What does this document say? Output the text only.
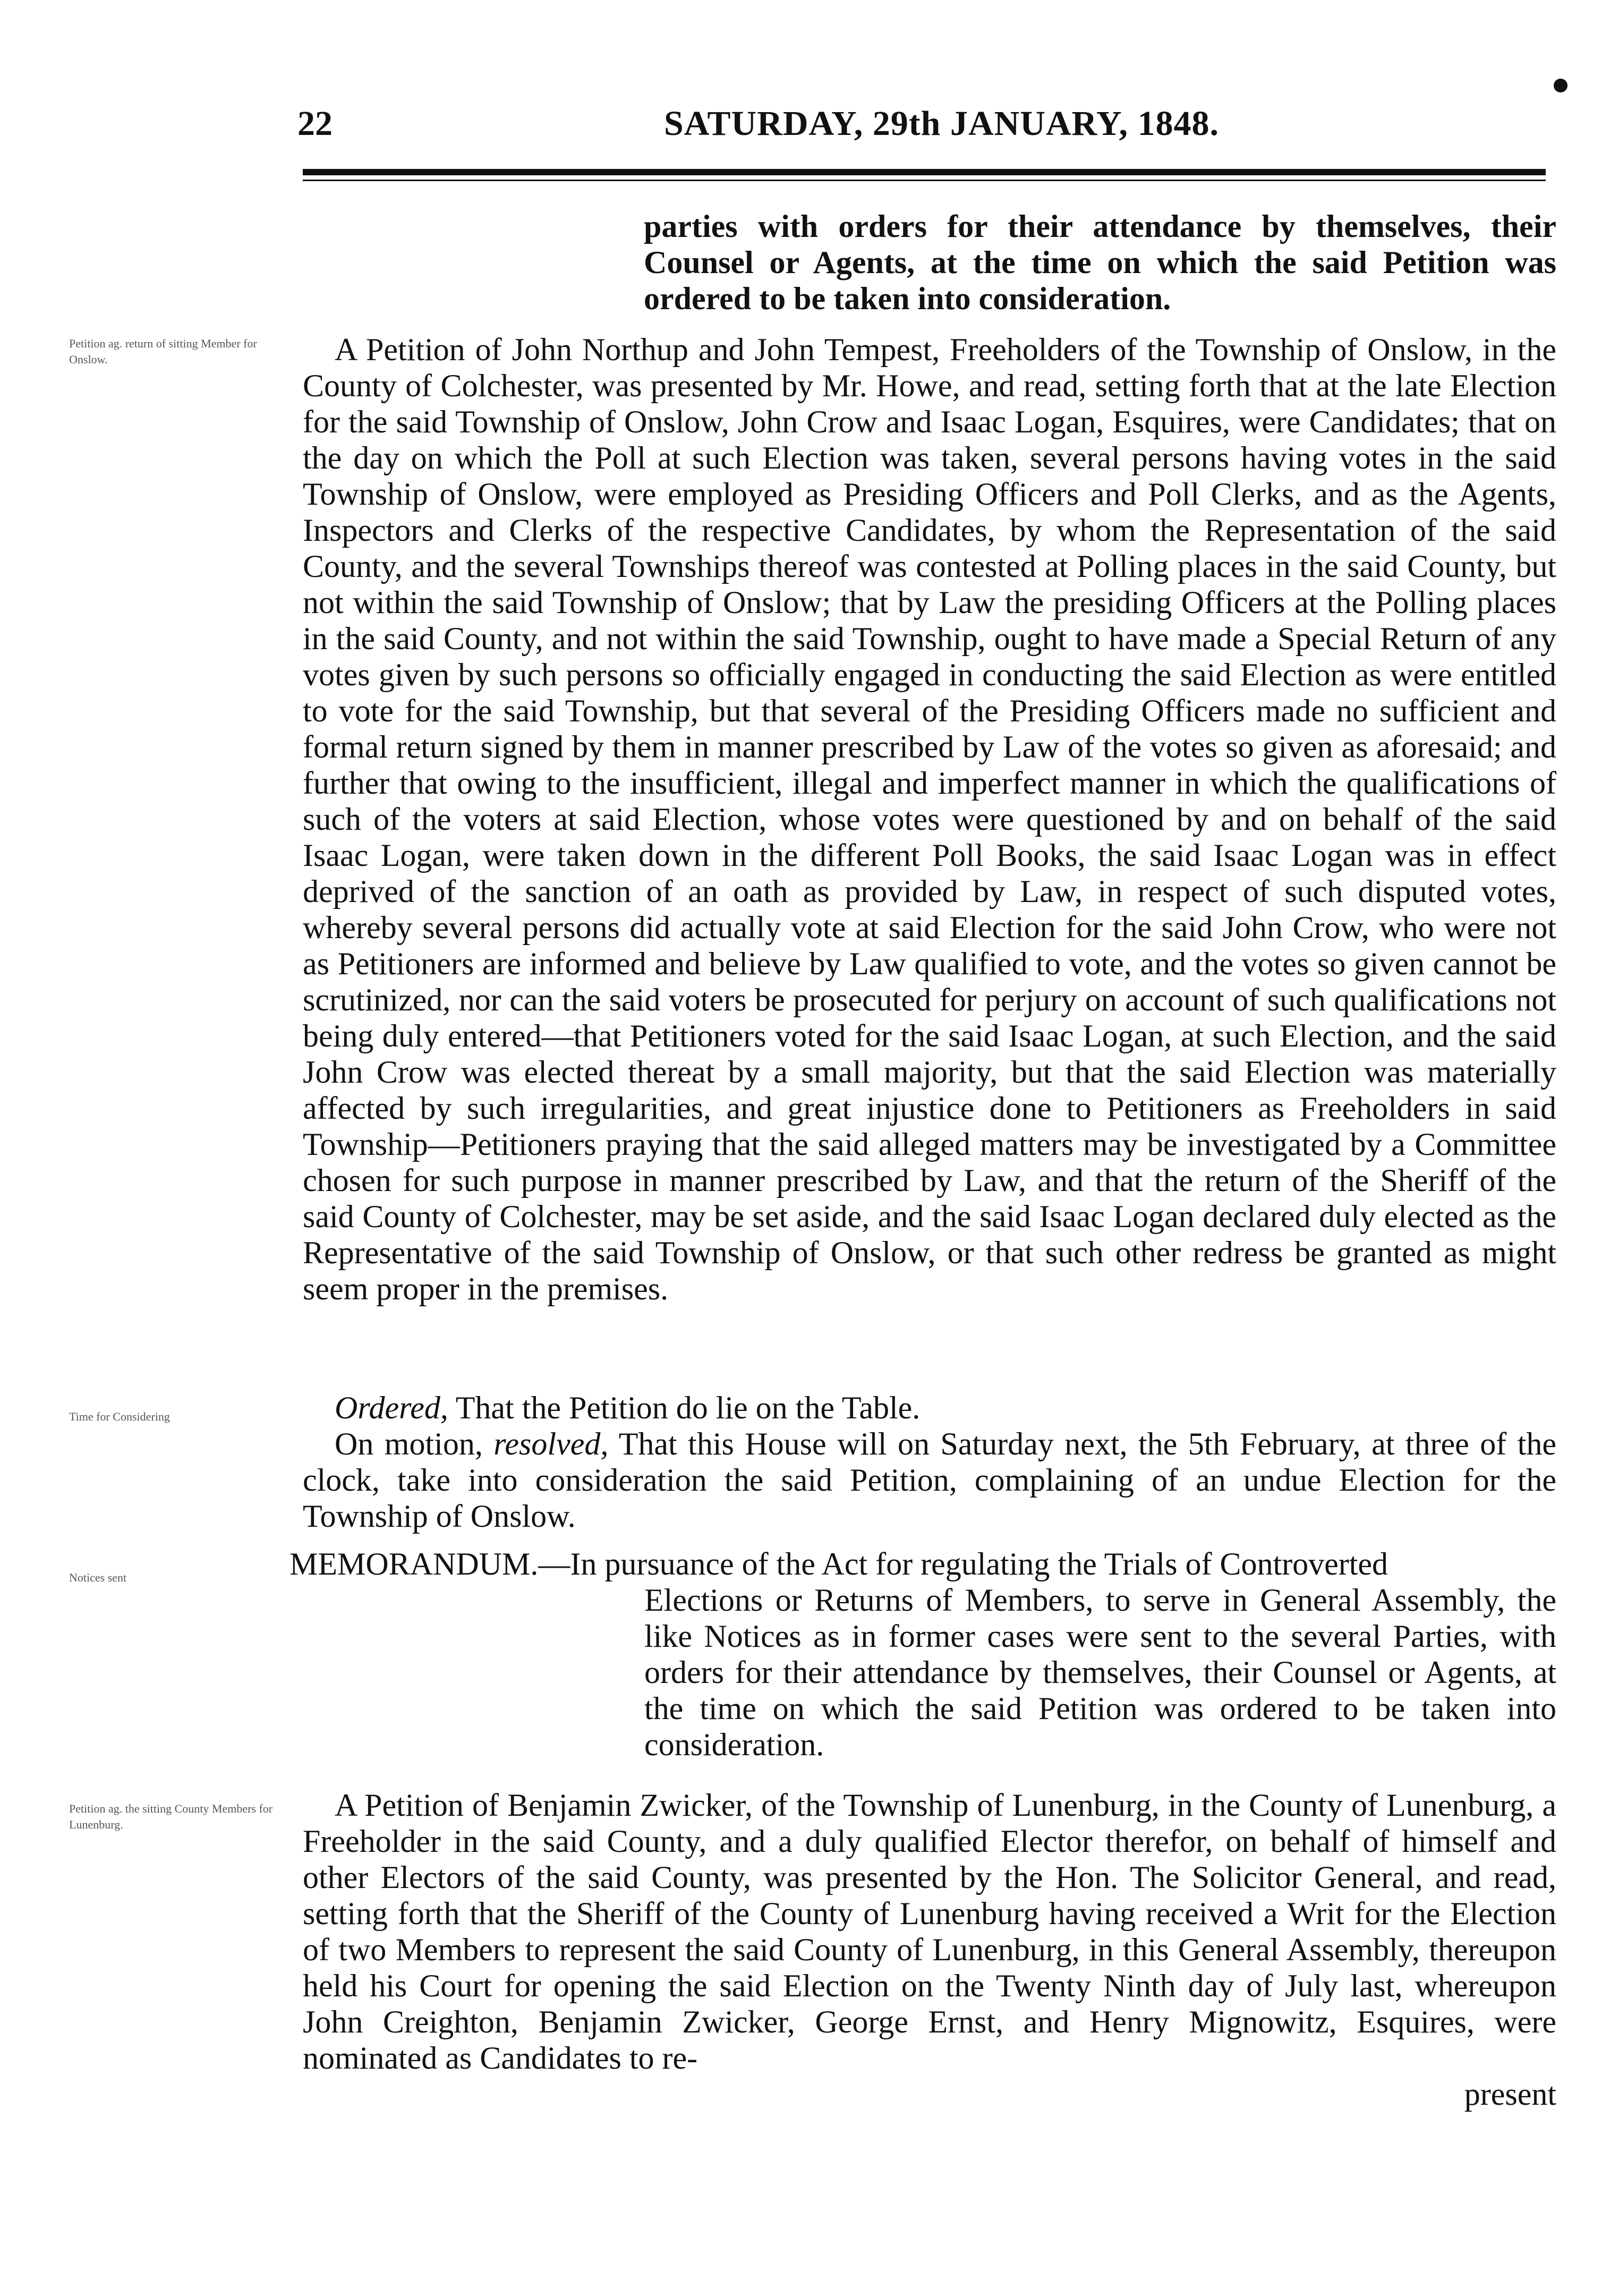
22	SATURDAY, 29th JANUARY, 1848.

parties with orders for their attendance by themselves, their Counsel or Agents, at the time on which the said Petition was ordered to be taken into consideration.

Petition ag. return of sitting Member for Onslow.	A Petition of John Northup and John Tempest, Freeholders of the Township of Onslow, in the County of Colchester, was presented by Mr. Howe, and read, setting forth that at the late Election for the said Township of Onslow, John Crow and Isaac Logan, Esquires, were Candidates; that on the day on which the Poll at such Election was taken, several persons having votes in the said Township of Onslow, were employed as Presiding Officers and Poll Clerks, and as the Agents, Inspectors and Clerks of the respective Candidates, by whom the Representation of the said County, and the several Townships thereof was contested at Polling places in the said County, but not within the said Township of Onslow; that by Law the presiding Officers at the Polling places in the said County, and not within the said Township, ought to have made a Special Return of any votes given by such persons so officially engaged in conducting the said Election as were entitled to vote for the said Township, but that several of the Presiding Officers made no sufficient and formal return signed by them in manner prescribed by Law of the votes so given as aforesaid; and further that owing to the insufficient, illegal and imperfect manner in which the qualifications of such of the voters at said Election, whose votes were questioned by and on behalf of the said Isaac Logan, were taken down in the different Poll Books, the said Isaac Logan was in effect deprived of the sanction of an oath as provided by Law, in respect of such disputed votes, whereby several persons did actually vote at said Election for the said John Crow, who were not as Petitioners are informed and believe by Law qualified to vote, and the votes so given cannot be scrutinized, nor can the said voters be prosecuted for perjury on account of such qualifications not being duly entered—that Petitioners voted for the said Isaac Logan, at such Election, and the said John Crow was elected thereat by a small majority, but that the said Election was materially affected by such irregularities, and great injustice done to Petitioners as Freeholders in said Township—Petitioners praying that the said alleged matters may be investigated by a Committee chosen for such purpose in manner prescribed by Law, and that the return of the Sheriff of the said County of Colchester, may be set aside, and the said Isaac Logan declared duly elected as the Representative of the said Township of Onslow, or that such other redress be granted as might seem proper in the premises.

Ordered, That the Petition do lie on the Table.

Time for Considering

On motion, resolved, That this House will on Saturday next, the 5th February, at three of the clock, take into consideration the said Petition, complaining of an undue Election for the Township of Onslow.

Notices sent	MEMORANDUM.—In pursuance of the Act for regulating the Trials of Controverted

Elections or Returns of Members, to serve in General Assembly, the like Notices as in former cases were sent to the several Parties, with orders for their attendance by themselves, their Counsel or Agents, at the time on which the said Petition was ordered to be taken into consideration.

Petition ag. the sitting County Members for Lunenburg.

A Petition of Benjamin Zwicker, of the Township of Lunenburg, in the County of Lunenburg, a Freeholder in the said County, and a duly qualified Elector therefor, on behalf of himself and other Electors of the said County, was presented by the Hon. The Solicitor General, and read, setting forth that the Sheriff of the County of Lunenburg having received a Writ for the Election of two Members to represent the said County of Lunenburg, in this General Assembly, thereupon held his Court for opening the said Election on the Twenty Ninth day of July last, whereupon John Creighton, Benjamin Zwicker, George Ernst, and Henry Mignowitz, Esquires, were nominated as Candidates to re-

present
